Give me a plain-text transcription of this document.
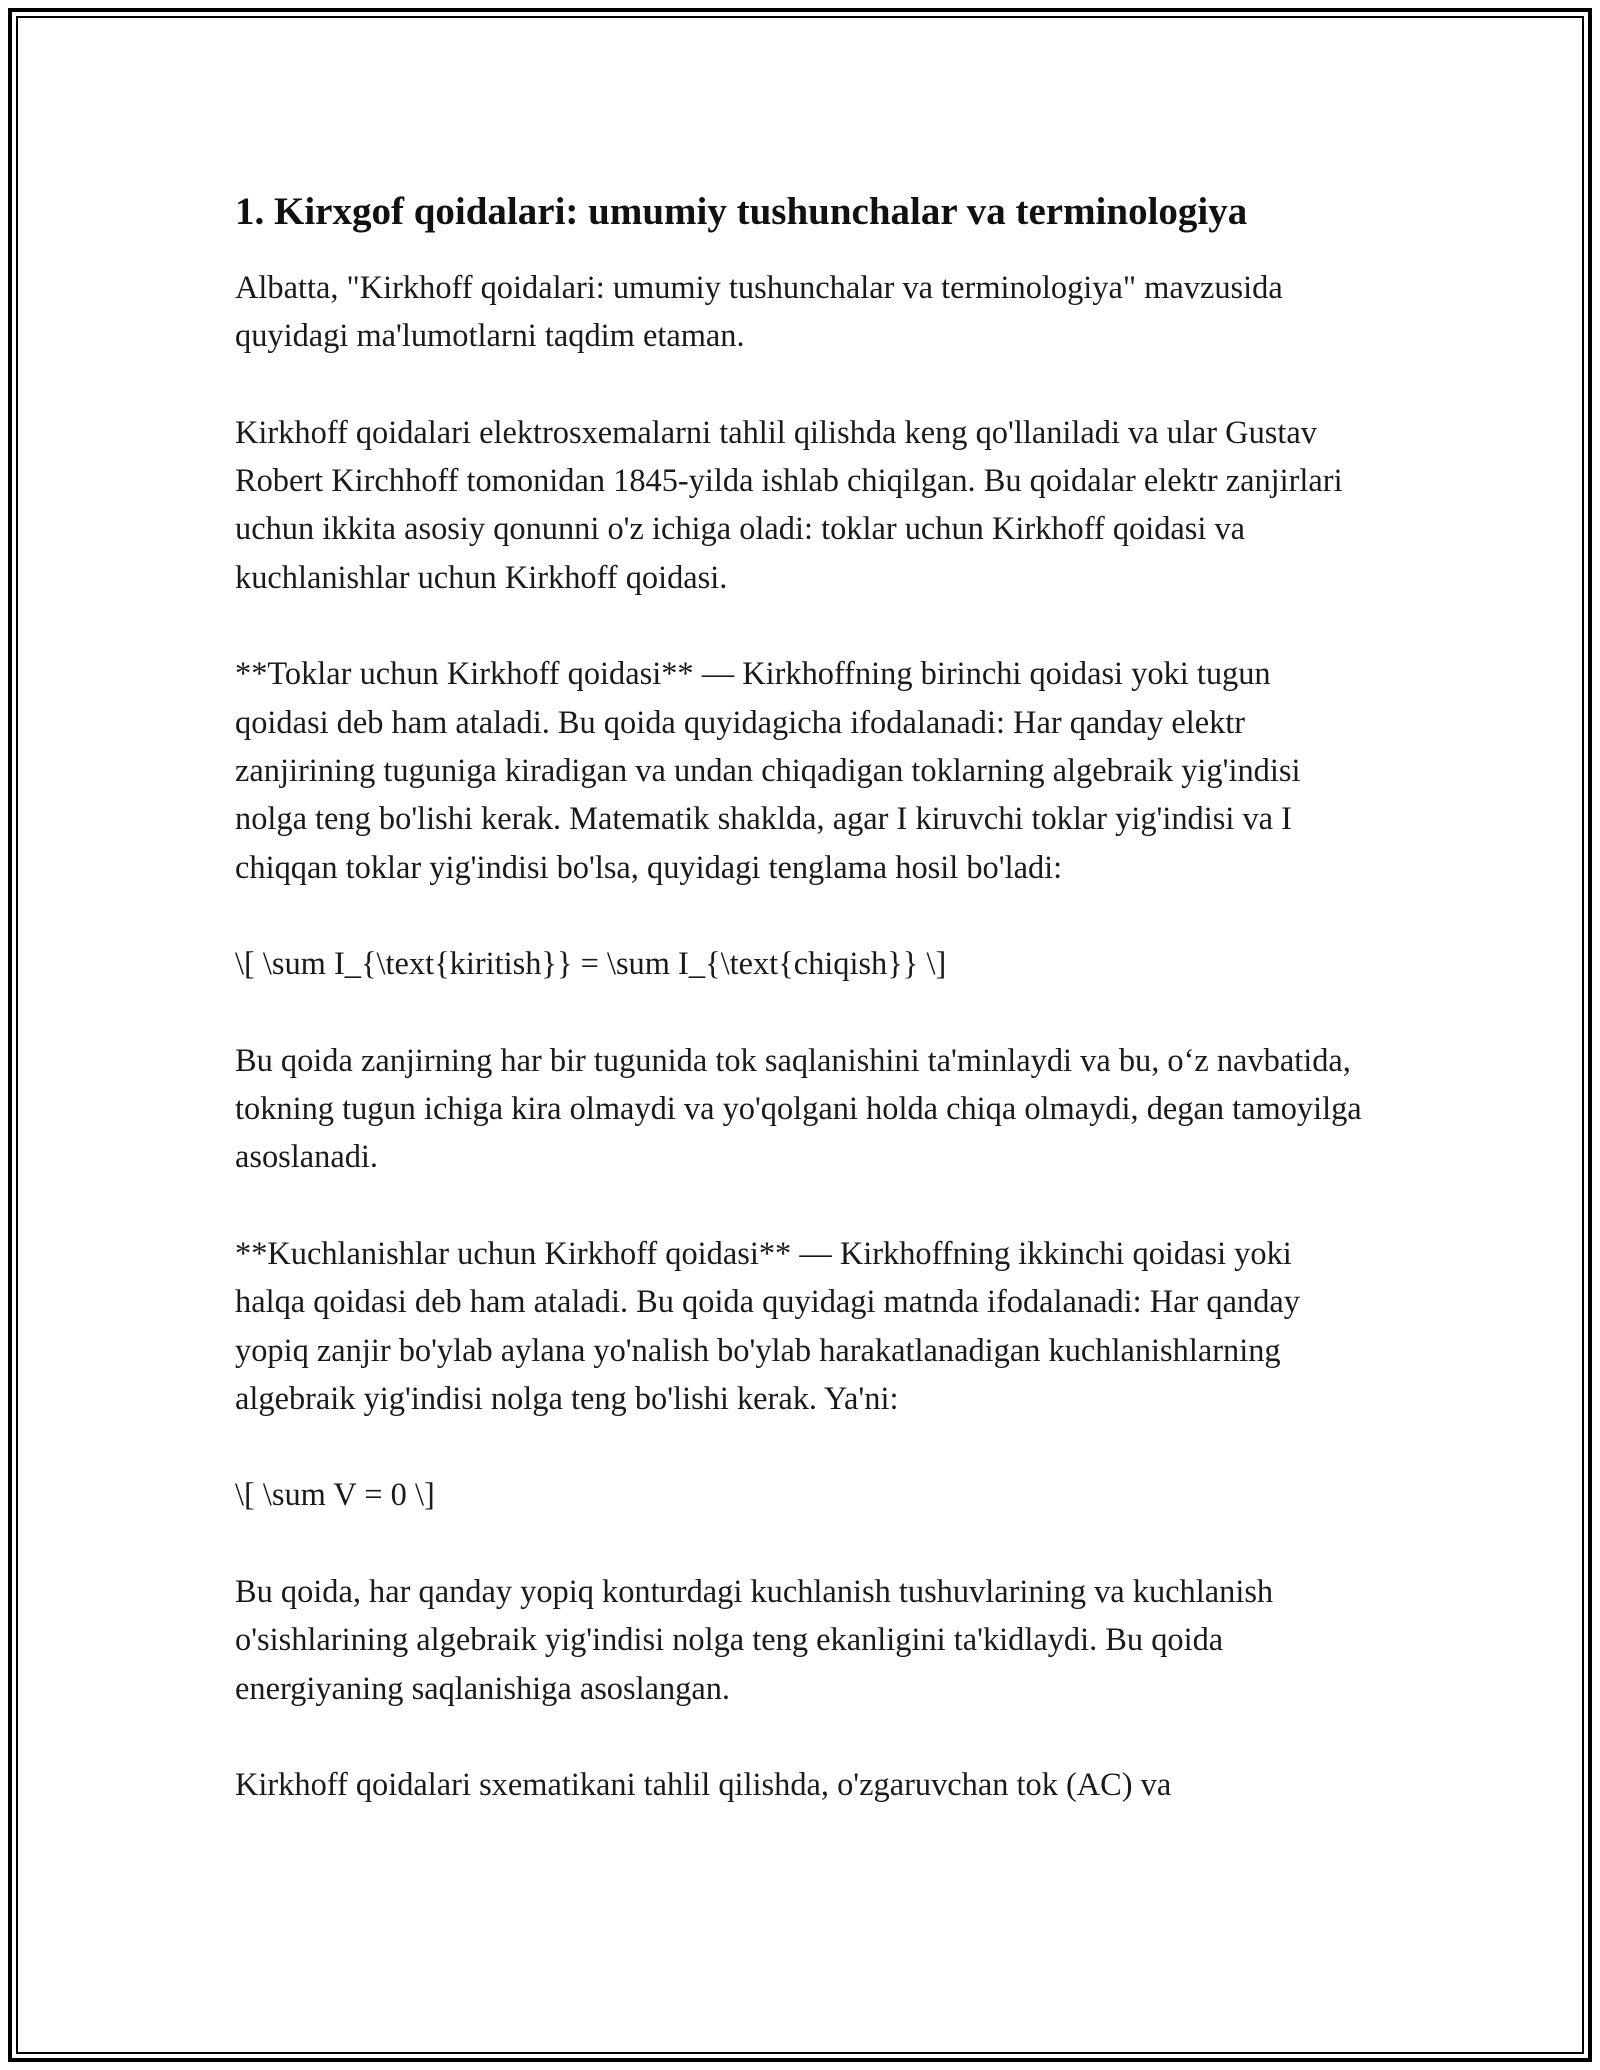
1. Kirxgof qoidalari: umumiy tushunchalar va terminologiya

Albatta, "Kirkhoff qoidalari: umumiy tushunchalar va terminologiya" mavzusida quyidagi ma'lumotlarni taqdim etaman.

Kirkhoff qoidalari elektrosxemalarni tahlil qilishda keng qo'llaniladi va ular Gustav Robert Kirchhoff tomonidan 1845-yilda ishlab chiqilgan. Bu qoidalar elektr zanjirlari uchun ikkita asosiy qonunni o'z ichiga oladi: toklar uchun Kirkhoff qoidasi va kuchlanishlar uchun Kirkhoff qoidasi.

**Toklar uchun Kirkhoff qoidasi** — Kirkhoffning birinchi qoidasi yoki tugun qoidasi deb ham ataladi. Bu qoida quyidagicha ifodalanadi: Har qanday elektr zanjirining tuguniga kiradigan va undan chiqadigan toklarning algebraik yig'indisi nolga teng bo'lishi kerak. Matematik shaklda, agar I kiruvchi toklar yig'indisi va I chiqqan toklar yig'indisi bo'lsa, quyidagi tenglama hosil bo'ladi:

\[ \sum I_{\text{kiritish}} = \sum I_{\text{chiqish}} \]

Bu qoida zanjirning har bir tugunida tok saqlanishini ta'minlaydi va bu, o‘z navbatida, tokning tugun ichiga kira olmaydi va yo'qolgani holda chiqa olmaydi, degan tamoyilga asoslanadi.

**Kuchlanishlar uchun Kirkhoff qoidasi** — Kirkhoffning ikkinchi qoidasi yoki halqa qoidasi deb ham ataladi. Bu qoida quyidagi matnda ifodalanadi: Har qanday yopiq zanjir bo'ylab aylana yo'nalish bo'ylab harakatlanadigan kuchlanishlarning algebraik yig'indisi nolga teng bo'lishi kerak. Ya'ni:

\[ \sum V = 0 \]

Bu qoida, har qanday yopiq konturdagi kuchlanish tushuvlarining va kuchlanish o'sishlarining algebraik yig'indisi nolga teng ekanligini ta'kidlaydi. Bu qoida energiyaning saqlanishiga asoslangan.

Kirkhoff qoidalari sxematikani tahlil qilishda, o'zgaruvchan tok (AC) va
